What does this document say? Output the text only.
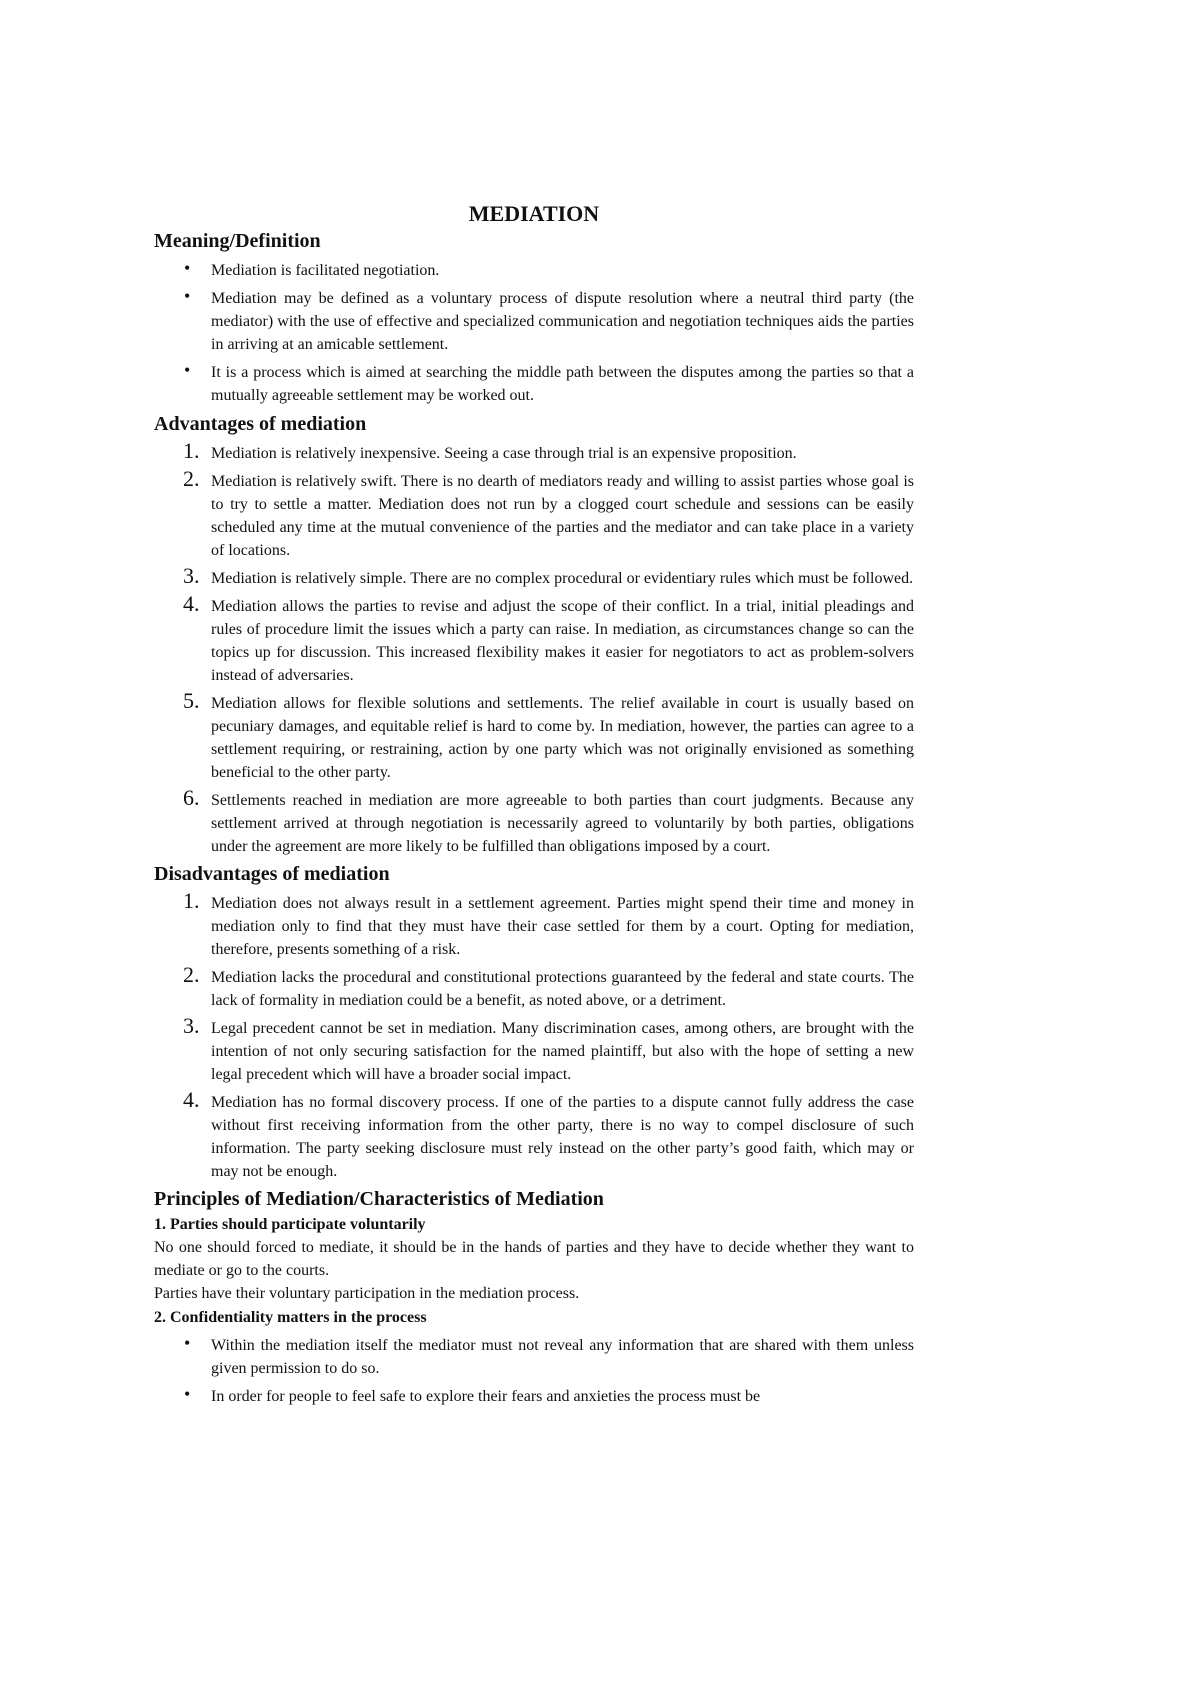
MEDIATION
Meaning/Definition
• Mediation is facilitated negotiation.
• Mediation may be defined as a voluntary process of dispute resolution where a neutral third party (the mediator) with the use of effective and specialized communication and negotiation techniques aids the parties in arriving at an amicable settlement.
• It is a process which is aimed at searching the middle path between the disputes among the parties so that a mutually agreeable settlement may be worked out.
Advantages of mediation
1. Mediation is relatively inexpensive. Seeing a case through trial is an expensive proposition.
2. Mediation is relatively swift. There is no dearth of mediators ready and willing to assist parties whose goal is to try to settle a matter. Mediation does not run by a clogged court schedule and sessions can be easily scheduled any time at the mutual convenience of the parties and the mediator and can take place in a variety of locations.
3. Mediation is relatively simple. There are no complex procedural or evidentiary rules which must be followed.
4. Mediation allows the parties to revise and adjust the scope of their conflict. In a trial, initial pleadings and rules of procedure limit the issues which a party can raise. In mediation, as circumstances change so can the topics up for discussion. This increased flexibility makes it easier for negotiators to act as problem-solvers instead of adversaries.
5. Mediation allows for flexible solutions and settlements. The relief available in court is usually based on pecuniary damages, and equitable relief is hard to come by. In mediation, however, the parties can agree to a settlement requiring, or restraining, action by one party which was not originally envisioned as something beneficial to the other party.
6. Settlements reached in mediation are more agreeable to both parties than court judgments. Because any settlement arrived at through negotiation is necessarily agreed to voluntarily by both parties, obligations under the agreement are more likely to be fulfilled than obligations imposed by a court.
Disadvantages of mediation
1. Mediation does not always result in a settlement agreement. Parties might spend their time and money in mediation only to find that they must have their case settled for them by a court. Opting for mediation, therefore, presents something of a risk.
2. Mediation lacks the procedural and constitutional protections guaranteed by the federal and state courts. The lack of formality in mediation could be a benefit, as noted above, or a detriment.
3. Legal precedent cannot be set in mediation. Many discrimination cases, among others, are brought with the intention of not only securing satisfaction for the named plaintiff, but also with the hope of setting a new legal precedent which will have a broader social impact.
4. Mediation has no formal discovery process. If one of the parties to a dispute cannot fully address the case without first receiving information from the other party, there is no way to compel disclosure of such information. The party seeking disclosure must rely instead on the other party’s good faith, which may or may not be enough.
Principles of Mediation/Characteristics of Mediation
1. Parties should participate voluntarily

No one should forced to mediate, it should be in the hands of parties and they have to decide whether they want to mediate or go to the courts.

Parties have their voluntary participation in the mediation process.

2. Confidentiality matters in the process
• Within the mediation itself the mediator must not reveal any information that are shared with them unless given permission to do so.
• In order for people to feel safe to explore their fears and anxieties the process must be
